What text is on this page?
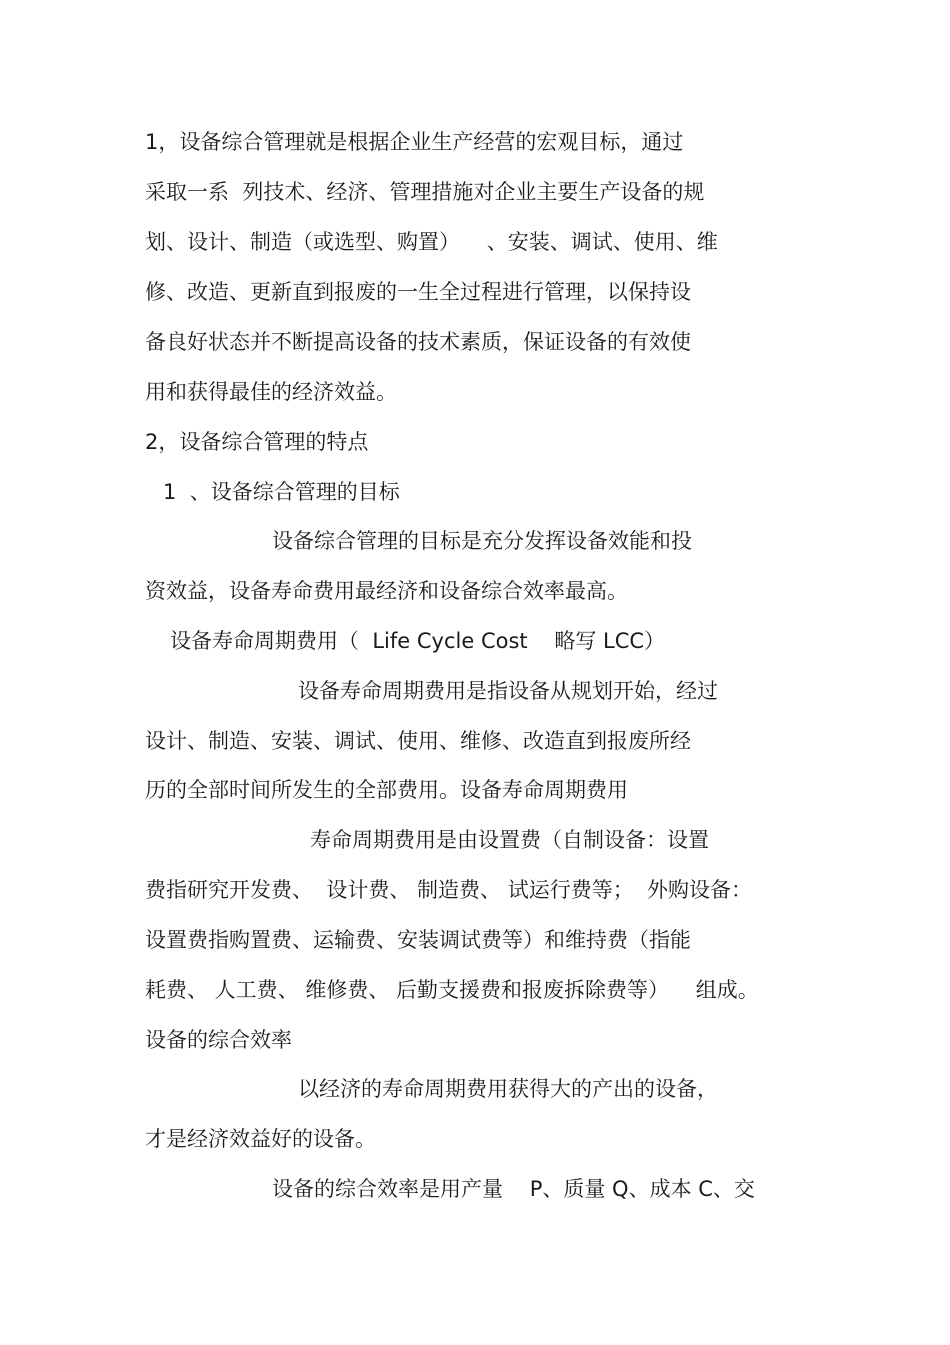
1，设备综合管理就是根据企业生产经营的宏观目标，通过

采取一系  列技术、经济、管理措施对企业主要生产设备的规

划、设计、制造（或选型、购置）    、安装、调试、使用、维

修、改造、更新直到报废的一生全过程进行管理，以保持设

备良好状态并不断提高设备的技术素质，保证设备的有效使

用和获得最佳的经济效益。

2，设备综合管理的特点

1  、设备综合管理的目标

设备综合管理的目标是充分发挥设备效能和投

资效益，设备寿命费用最经济和设备综合效率最高。

设备寿命周期费用（  Life Cycle Cost    略写 LCC）

设备寿命周期费用是指设备从规划开始，经过

设计、制造、安装、调试、使用、维修、改造直到报废所经

历的全部时间所发生的全部费用。设备寿命周期费用

寿命周期费用是由设置费（自制设备：设置

费指研究开发费、  设计费、 制造费、 试运行费等；  外购设备：

设置费指购置费、运输费、安装调试费等）和维持费（指能

耗费、 人工费、 维修费、 后勤支援费和报废拆除费等）    组成。

设备的综合效率

以经济的寿命周期费用获得大的产出的设备，

才是经济效益好的设备。

设备的综合效率是用产量    P、质量 Q、成本 C、交
